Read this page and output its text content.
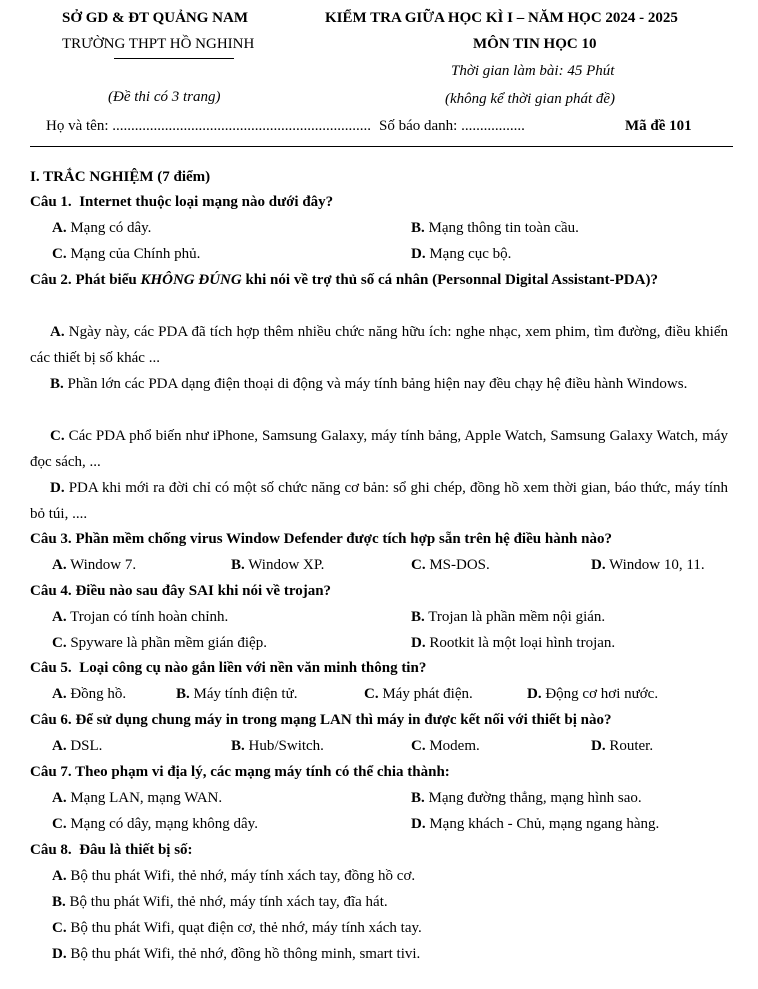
SỞ GD & ĐT QUẢNG NAM
TRƯỜNG THPT HỒ NGHINH
(Đề thi có 3 trang)
KIỂM TRA GIỮA HỌC KÌ I – NĂM HỌC 2024 - 2025
MÔN TIN HỌC 10
Thời gian làm bài: 45 Phút
(không kể thời gian phát đề)
Họ và tên: ..................................................................... Số báo danh: .................	Mã đề 101
I. TRẮC NGHIỆM (7 điểm)
Câu 1. Internet thuộc loại mạng nào dưới đây?
A. Mạng có dây.	B. Mạng thông tin toàn cầu.
C. Mạng của Chính phủ.	D. Mạng cục bộ.
Câu 2. Phát biểu KHÔNG ĐÚNG khi nói về trợ thủ số cá nhân (Personnal Digital Assistant-PDA)?
A. Ngày này, các PDA đã tích hợp thêm nhiều chức năng hữu ích: nghe nhạc, xem phim, tìm đường, điều khiển các thiết bị số khác ...
B. Phần lớn các PDA dạng điện thoại di động và máy tính bảng hiện nay đều chạy hệ điều hành Windows.
C. Các PDA phổ biến như iPhone, Samsung Galaxy, máy tính bảng, Apple Watch, Samsung Galaxy Watch, máy đọc sách, ...
D. PDA khi mới ra đời chỉ có một số chức năng cơ bản: sổ ghi chép, đồng hồ xem thời gian, báo thức, máy tính bỏ túi, ....
Câu 3. Phần mềm chống virus Window Defender được tích hợp sẵn trên hệ điều hành nào?
A. Window 7.	B. Window XP.	C. MS-DOS.	D. Window 10, 11.
Câu 4. Điều nào sau đây SAI khi nói về trojan?
A. Trojan có tính hoàn chỉnh.	B. Trojan là phần mềm nội gián.
C. Spyware là phần mềm gián điệp.	D. Rootkit là một loại hình trojan.
Câu 5. Loại công cụ nào gắn liền với nền văn minh thông tin?
A. Đồng hồ.	B. Máy tính điện tử.	C. Máy phát điện.	D. Động cơ hơi nước.
Câu 6. Để sử dụng chung máy in trong mạng LAN thì máy in được kết nối với thiết bị nào?
A. DSL.	B. Hub/Switch.	C. Modem.	D. Router.
Câu 7. Theo phạm vi địa lý, các mạng máy tính có thể chia thành:
A. Mạng LAN, mạng WAN.	B. Mạng đường thẳng, mạng hình sao.
C. Mạng có dây, mạng không dây.	D. Mạng khách - Chủ, mạng ngang hàng.
Câu 8. Đâu là thiết bị số:
A. Bộ thu phát Wifi, thẻ nhớ, máy tính xách tay, đồng hồ cơ.
B. Bộ thu phát Wifi, thẻ nhớ, máy tính xách tay, đĩa hát.
C. Bộ thu phát Wifi, quạt điện cơ, thẻ nhớ, máy tính xách tay.
D. Bộ thu phát Wifi, thẻ nhớ, đồng hồ thông minh, smart tivi.
